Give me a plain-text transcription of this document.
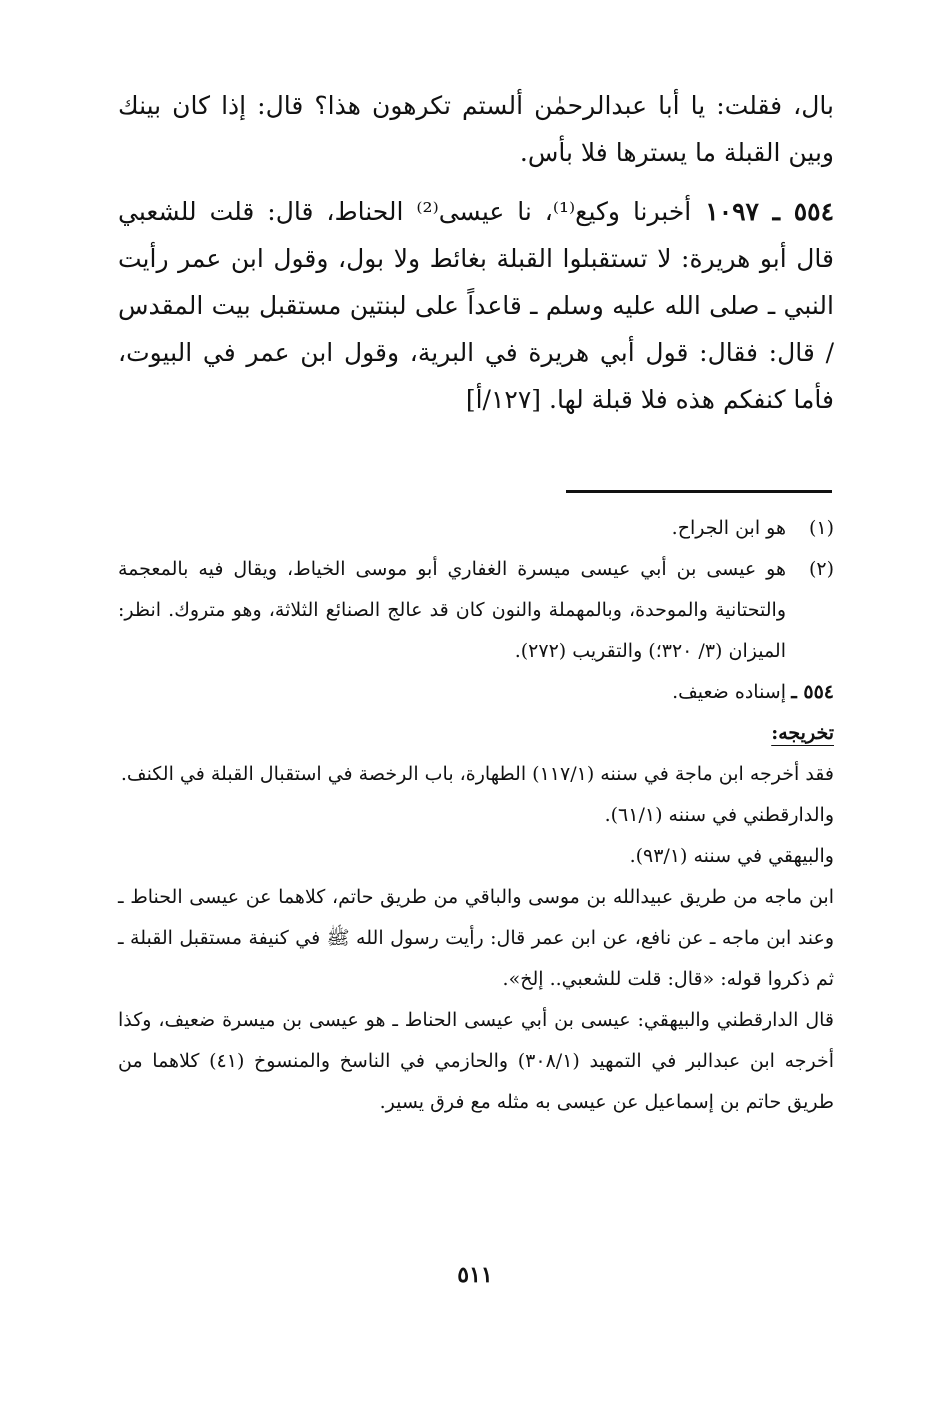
بال، فقلت: يا أبا عبدالرحمٰن ألستم تكرهون هذا؟ قال: إذا كان بينك وبين القبلة ما يسترها فلا بأس.

٥٥٤ ـ ١٠٩٧أخبرنا وكيع⁽¹⁾، نا عيسى⁽²⁾ الحناط، قال: قلت للشعبي قال أبو هريرة: لا تستقبلوا القبلة بغائط ولا بول، وقول ابن عمر رأيت النبي ـ صلى الله عليه وسلم ـ قاعداً على لبنتين مستقبل بيت المقدس / قال: فقال: قول أبي هريرة في البرية، وقول ابن عمر في البيوت، فأما كنفكم هذه فلا قبلة لها. [١٢٧/أ]

(١)
هو ابن الجراح.
(٢)
هو عيسى بن أبي عيسى ميسرة الغفاري أبو موسى الخياط، ويقال فيه بالمعجمة والتحتانية والموحدة، وبالمهملة والنون كان قد عالج الصنائع الثلاثة، وهو متروك. انظر: الميزان (٣/ ٣٢٠؛) والتقريب (٢٧٢).
٥٥٤ ـ
إسناده ضعيف.

تخريجه:

فقد أخرجه ابن ماجة في سننه (١١٧/١) الطهارة، باب الرخصة في استقبال القبلة في الكنف.

والدارقطني في سننه (٦١/١).

والبيهقي في سننه (٩٣/١).

ابن ماجه من طريق عبيدالله بن موسى والباقي من طريق حاتم، كلاهما عن عيسى الحناط ـ وعند ابن ماجه ـ عن نافع، عن ابن عمر قال: رأيت رسول الله ﷺ في كنيفة مستقبل القبلة ـ ثم ذكروا قوله: «قال: قلت للشعبي.. إلخ».

قال الدارقطني والبيهقي: عيسى بن أبي عيسى الحناط ـ هو عيسى بن ميسرة ضعيف، وكذا أخرجه ابن عبدالبر في التمهيد (٣٠٨/١) والحازمي في الناسخ والمنسوخ (٤١) كلاهما من طريق حاتم بن إسماعيل عن عيسى به مثله مع فرق يسير.

٥١١
